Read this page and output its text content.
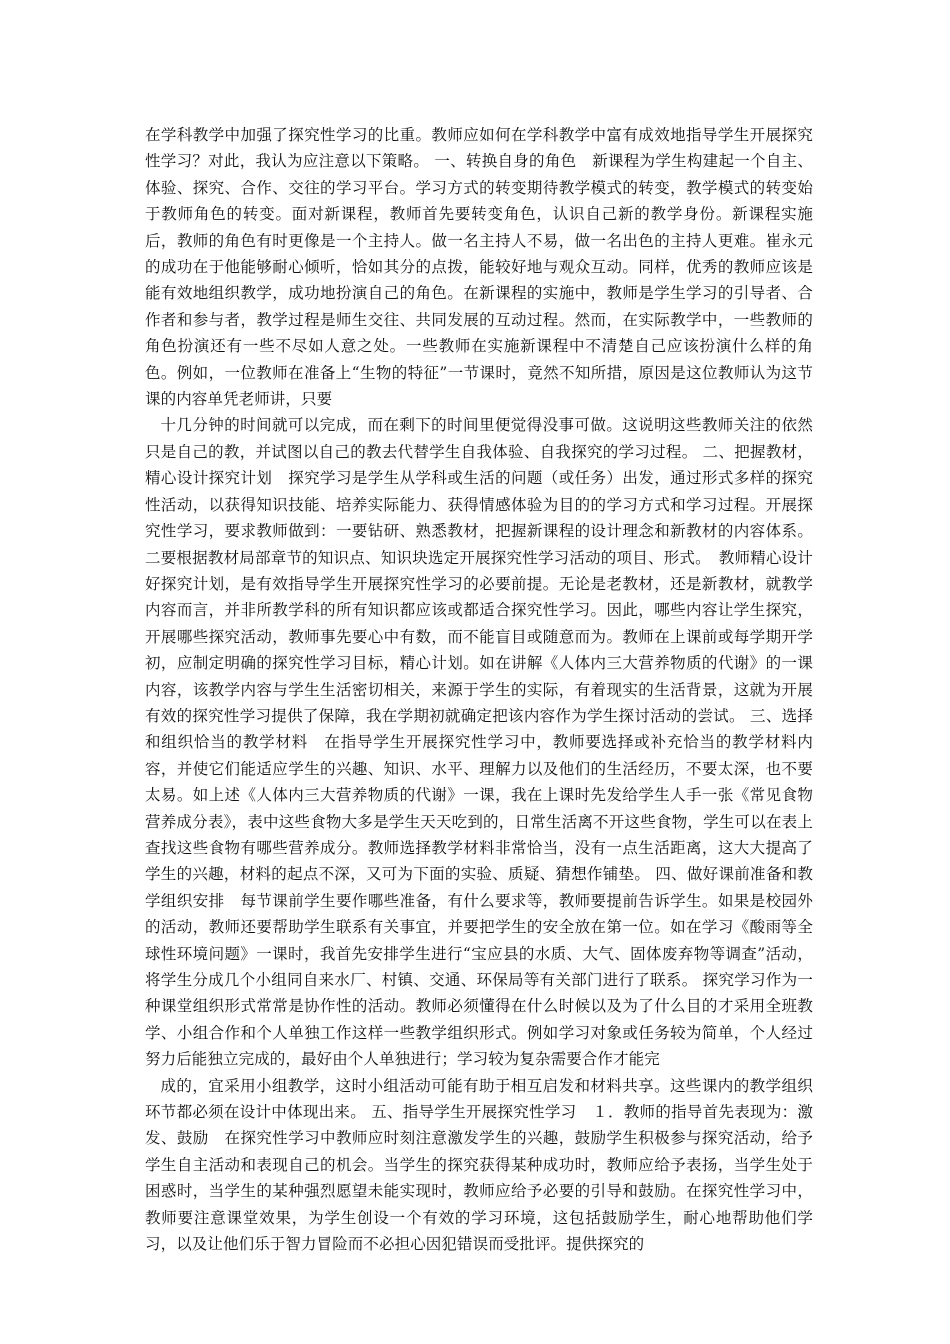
在学科教学中加强了探究性学习的比重。教师应如何在学科教学中富有成效地指导学生开展探究性学习？对此，我认为应注意以下策略。 一、转换自身的角色　新课程为学生构建起一个自主、体验、探究、合作、交往的学习平台。学习方式的转变期待教学模式的转变，教学模式的转变始于教师角色的转变。面对新课程，教师首先要转变角色，认识自己新的教学身份。新课程实施后，教师的角色有时更像是一个主持人。做一名主持人不易，做一名出色的主持人更难。崔永元的成功在于他能够耐心倾听，恰如其分的点拨，能较好地与观众互动。同样，优秀的教师应该是能有效地组织教学，成功地扮演自己的角色。在新课程的实施中，教师是学生学习的引导者、合作者和参与者，教学过程是师生交往、共同发展的互动过程。然而，在实际教学中，一些教师的角色扮演还有一些不尽如人意之处。一些教师在实施新课程中不清楚自己应该扮演什么样的角色。例如，一位教师在准备上“生物的特征”一节课时，竟然不知所措，原因是这位教师认为这节课的内容单凭老师讲，只要

十几分钟的时间就可以完成，而在剩下的时间里便觉得没事可做。这说明这些教师关注的依然只是自己的教，并试图以自己的教去代替学生自我体验、自我探究的学习过程。 二、把握教材，精心设计探究计划　探究学习是学生从学科或生活的问题（或任务）出发，通过形式多样的探究性活动，以获得知识技能、培养实际能力、获得情感体验为目的的学习方式和学习过程。开展探究性学习，要求教师做到：一要钻研、熟悉教材，把握新课程的设计理念和新教材的内容体系。二要根据教材局部章节的知识点、知识块选定开展探究性学习活动的项目、形式。　教师精心设计好探究计划，是有效指导学生开展探究性学习的必要前提。无论是老教材，还是新教材，就教学内容而言，并非所教学科的所有知识都应该或都适合探究性学习。因此，哪些内容让学生探究，开展哪些探究活动，教师事先要心中有数，而不能盲目或随意而为。教师在上课前或每学期开学初，应制定明确的探究性学习目标，精心计划。如在讲解《人体内三大营养物质的代谢》的一课内容，该教学内容与学生生活密切相关，来源于学生的实际，有着现实的生活背景，这就为开展有效的探究性学习提供了保障，我在学期初就确定把该内容作为学生探讨活动的尝试。 三、选择和组织恰当的教学材料　在指导学生开展探究性学习中，教师要选择或补充恰当的教学材料内容，并使它们能适应学生的兴趣、知识、水平、理解力以及他们的生活经历，不要太深，也不要太易。如上述《人体内三大营养物质的代谢》一课，我在上课时先发给学生人手一张《常见食物营养成分表》，表中这些食物大多是学生天天吃到的，日常生活离不开这些食物，学生可以在表上查找这些食物有哪些营养成分。教师选择教学材料非常恰当，没有一点生活距离，这大大提高了学生的兴趣，材料的起点不深，又可为下面的实验、质疑、猜想作铺垫。 四、做好课前准备和教学组织安排　每节课前学生要作哪些准备，有什么要求等，教师要提前告诉学生。如果是校园外的活动，教师还要帮助学生联系有关事宜，并要把学生的安全放在第一位。如在学习《酸雨等全球性环境问题》一课时，我首先安排学生进行“宝应县的水质、大气、固体废弃物等调查”活动，将学生分成几个小组同自来水厂、村镇、交通、环保局等有关部门进行了联系。 探究学习作为一种课堂组织形式常常是协作性的活动。教师必须懂得在什么时候以及为了什么目的才采用全班教学、小组合作和个人单独工作这样一些教学组织形式。例如学习对象或任务较为简单，个人经过努力后能独立完成的，最好由个人单独进行；学习较为复杂需要合作才能完

成的，宜采用小组教学，这时小组活动可能有助于相互启发和材料共享。这些课内的教学组织环节都必须在设计中体现出来。 五、指导学生开展探究性学习　１．教师的指导首先表现为：激发、鼓励　在探究性学习中教师应时刻注意激发学生的兴趣，鼓励学生积极参与探究活动，给予学生自主活动和表现自己的机会。当学生的探究获得某种成功时，教师应给予表扬，当学生处于困惑时，当学生的某种强烈愿望未能实现时，教师应给予必要的引导和鼓励。在探究性学习中，教师要注意课堂效果，为学生创设一个有效的学习环境，这包括鼓励学生，耐心地帮助他们学习，以及让他们乐于智力冒险而不必担心因犯错误而受批评。提供探究的
